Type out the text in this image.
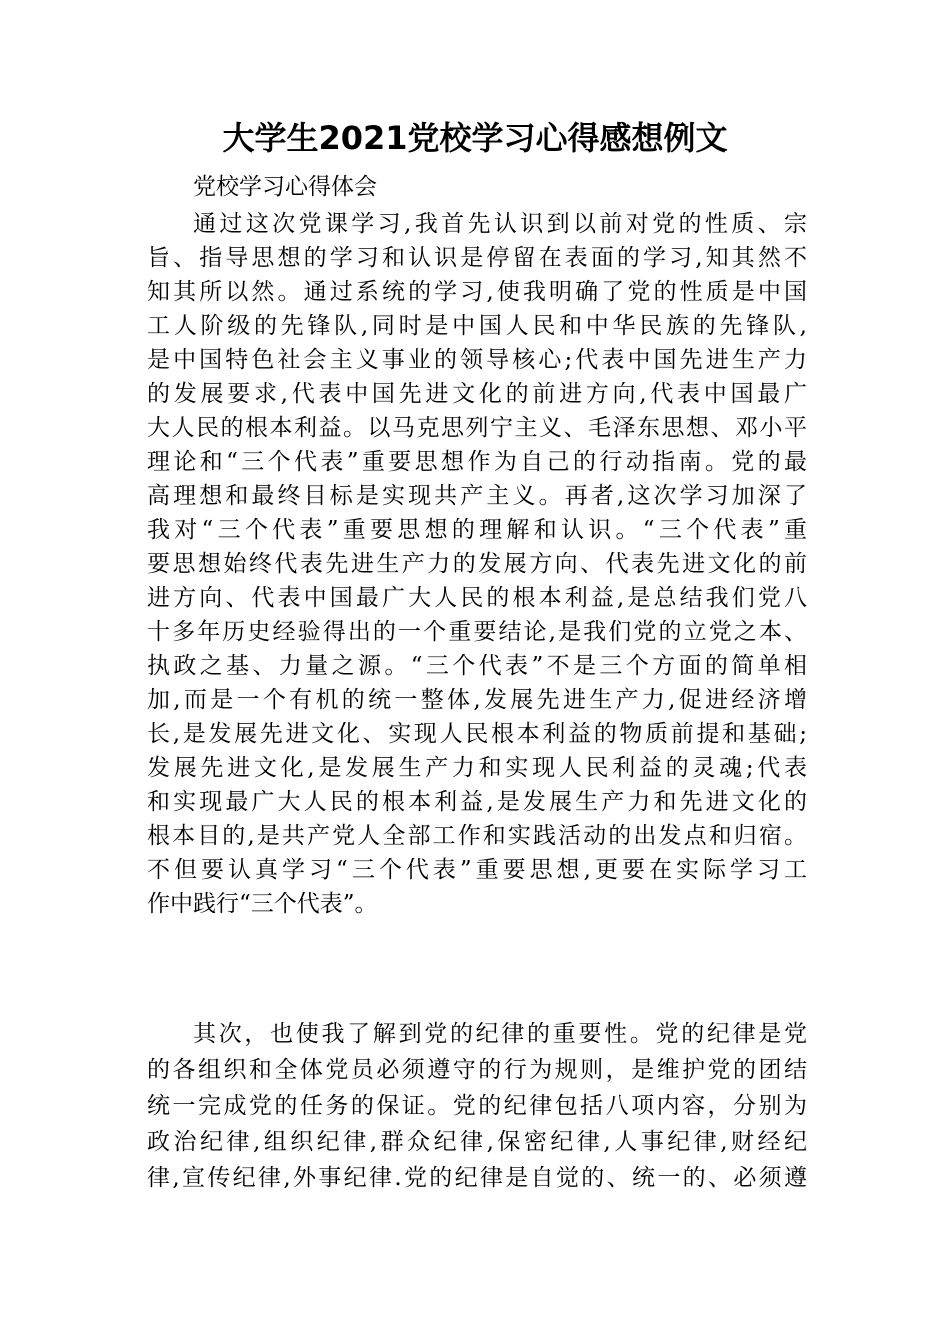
大学生2021党校学习心得感想例文
党校学习心得体会
通过这次党课学习,我首先认识到以前对党的性质、宗
旨、指导思想的学习和认识是停留在表面的学习,知其然不
知其所以然。通过系统的学习,使我明确了党的性质是中国
工人阶级的先锋队,同时是中国人民和中华民族的先锋队,
是中国特色社会主义事业的领导核心;代表中国先进生产力
的发展要求,代表中国先进文化的前进方向,代表中国最广
大人民的根本利益。以马克思列宁主义、毛泽东思想、邓小平
理论和“三个代表”重要思想作为自己的行动指南。党的最
高理想和最终目标是实现共产主义。再者,这次学习加深了
我对“三个代表”重要思想的理解和认识。“三个代表”重
要思想始终代表先进生产力的发展方向、代表先进文化的前
进方向、代表中国最广大人民的根本利益,是总结我们党八
十多年历史经验得出的一个重要结论,是我们党的立党之本、
执政之基、力量之源。“三个代表”不是三个方面的简单相
加,而是一个有机的统一整体,发展先进生产力,促进经济增
长,是发展先进文化、实现人民根本利益的物质前提和基础;
发展先进文化,是发展生产力和实现人民利益的灵魂;代表
和实现最广大人民的根本利益,是发展生产力和先进文化的
根本目的,是共产党人全部工作和实践活动的出发点和归宿。
不但要认真学习“三个代表”重要思想,更要在实际学习工
作中践行“三个代表”。
其次，也使我了解到党的纪律的重要性。党的纪律是党
的各组织和全体党员必须遵守的行为规则，是维护党的团结
统一完成党的任务的保证。党的纪律包括八项内容，分别为
政治纪律,组织纪律,群众纪律,保密纪律,人事纪律,财经纪
律,宣传纪律,外事纪律.党的纪律是自觉的、统一的、必须遵
